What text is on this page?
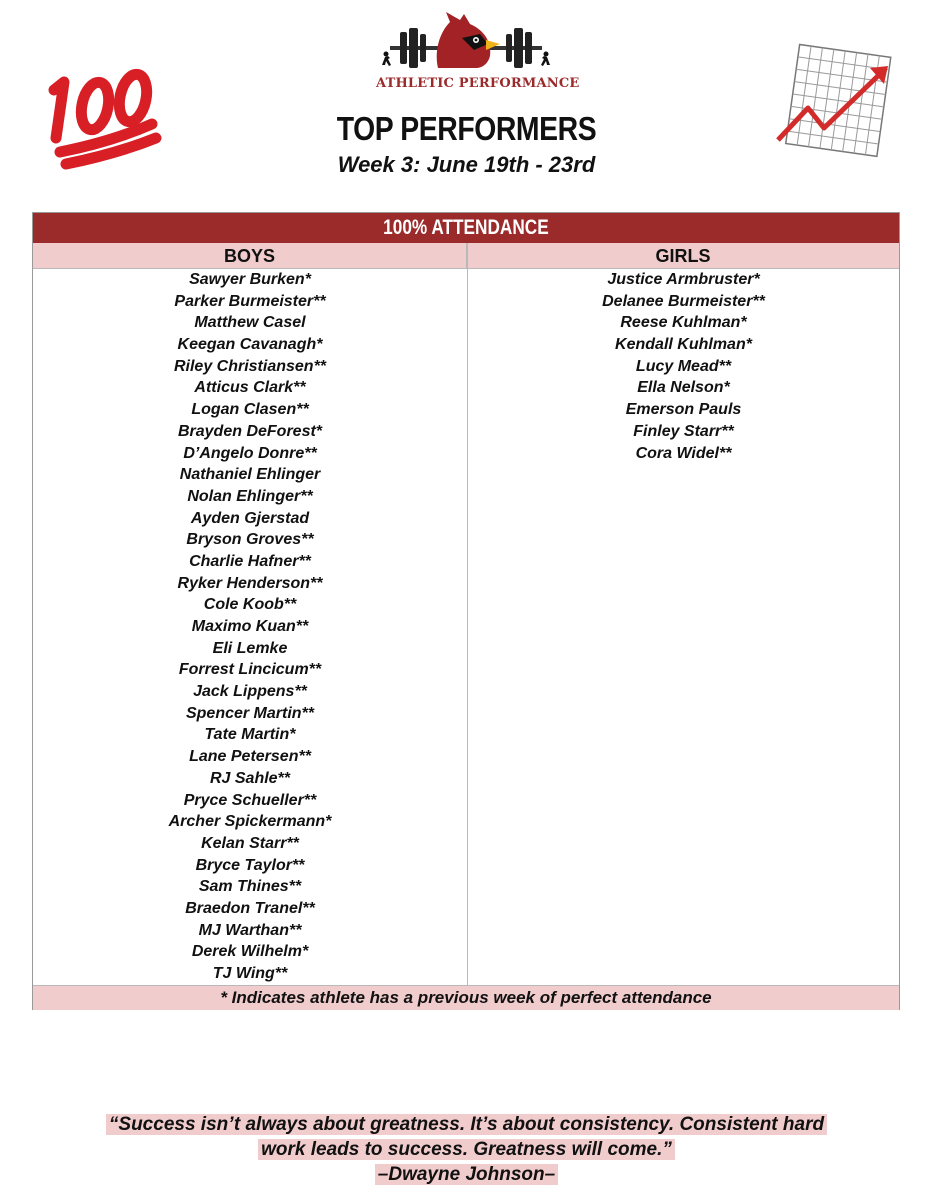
ATHLETIC PERFORMANCE
TOP PERFORMERS
Week 3: June 19th - 23rd
100% ATTENDANCE
BOYS	GIRLS
Sawyer Burken*
Parker Burmeister**
Matthew Casel
Keegan Cavanagh*
Riley Christiansen**
Atticus Clark**
Logan Clasen**
Brayden DeForest*
D’Angelo Donre**
Nathaniel Ehlinger
Nolan Ehlinger**
Ayden Gjerstad
Bryson Groves**
Charlie Hafner**
Ryker Henderson**
Cole Koob**
Maximo Kuan**
Eli Lemke
Forrest Lincicum**
Jack Lippens**
Spencer Martin**
Tate Martin*
Lane Petersen**
RJ Sahle**
Pryce Schueller**
Archer Spickermann*
Kelan Starr**
Bryce Taylor**
Sam Thines**
Braedon Tranel**
MJ Warthan**
Derek Wilhelm*
TJ Wing**
Justice Armbruster*
Delanee Burmeister**
Reese Kuhlman*
Kendall Kuhlman*
Lucy Mead**
Ella Nelson*
Emerson Pauls
Finley Starr**
Cora Widel**
* Indicates athlete has a previous week of perfect attendance
“Success isn’t always about greatness. It’s about consistency. Consistent hard
work leads to success. Greatness will come.”
–Dwayne Johnson–
